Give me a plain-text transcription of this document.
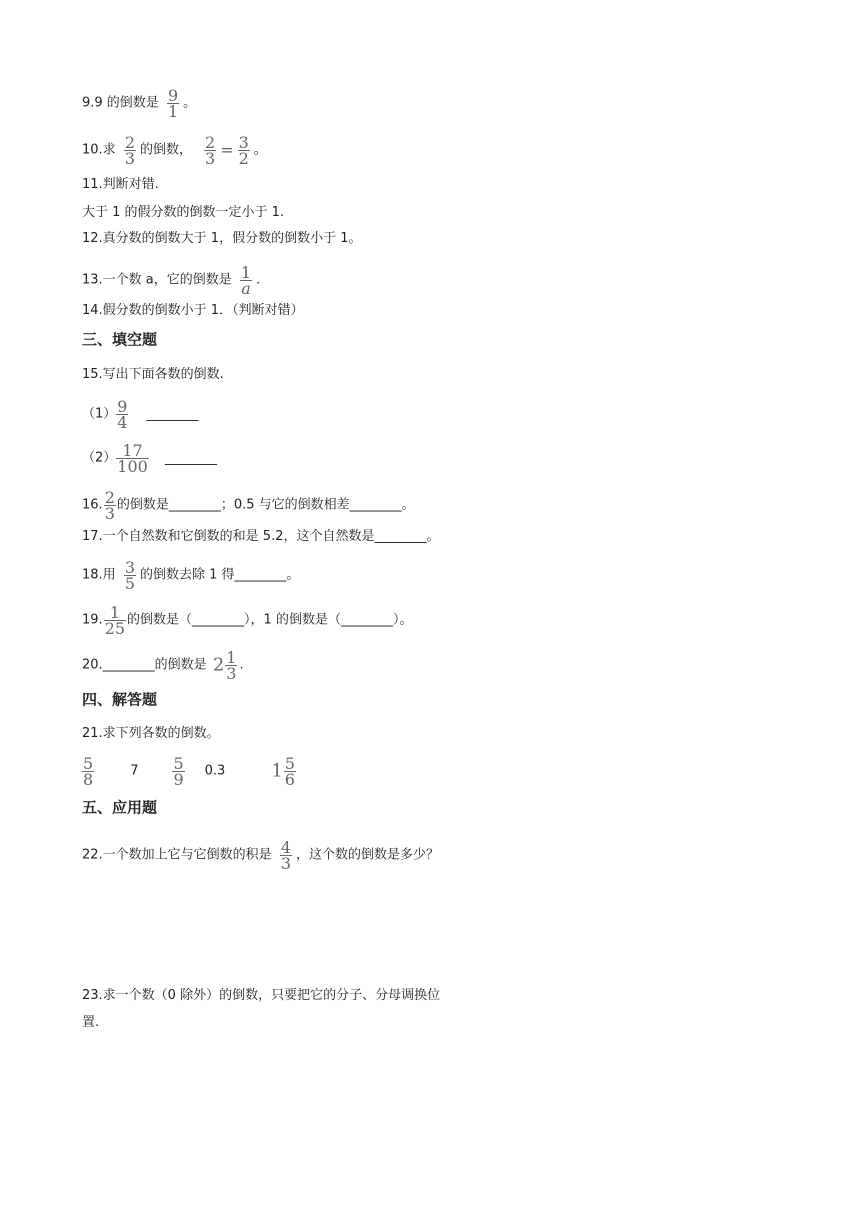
9.9 的倒数是 $\frac{9}{1}$ 。
10.求 $\frac{2}{3}$ 的倒数， $\frac{2}{3} = \frac{3}{2}$ 。
11.判断对错.
大于 1 的假分数的倒数一定小于 1.
12.真分数的倒数大于 1，假分数的倒数小于 1。
13.一个数 a，它的倒数是 $\frac{1}{a}$ .
14.假分数的倒数小于 1．（判断对错）
三、填空题
15.写出下面各数的倒数.
$(1) \frac{9}{4}$ ________
$(2) \frac{17}{100}$ ________
16. $\frac{2}{3}$ 的倒数是________；0.5 与它的倒数相差________。
17.一个自然数和它倒数的和是 5.2，这个自然数是________。
18.用 $\frac{3}{5}$ 的倒数去除 1 得________。
19. $\frac{1}{25}$ 的倒数是（________），1 的倒数是（________）。
20.________的倒数是 $2 \frac{1}{3}$ .
四、解答题
21.求下列各数的倒数。
$\frac{5}{8}$	$7 \frac{5}{9} 0.3$	$1 \frac{5}{6}$
五、应用题
22.一个数加上它与它倒数的积是 $\frac{4}{3}$ ，这个数的倒数是多少？
23.求一个数（0 除外）的倒数，只要把它的分子、分母调换位
置.
